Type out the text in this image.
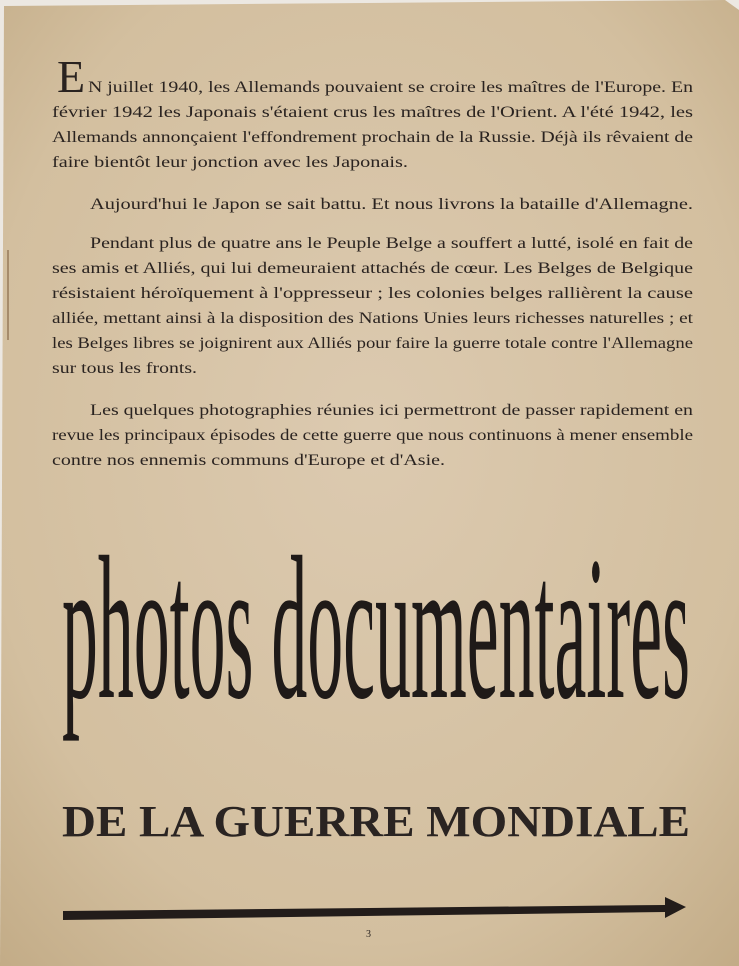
E N juillet 1940, les Allemands pouvaient se croire les maîtres de l'Europe. En
février 1942 les Japonais s'étaient crus les maîtres de l'Orient. A l'été 1942, les
Allemands annonçaient l'effondrement prochain de la Russie. Déjà ils rêvaient de
faire bientôt leur jonction avec les Japonais.
Aujourd'hui le Japon se sait battu. Et nous livrons la bataille d'Allemagne.
Pendant plus de quatre ans le Peuple Belge a souffert a lutté, isolé en fait de
ses amis et Alliés, qui lui demeuraient attachés de cœur. Les Belges de Belgique
résistaient héroïquement à l'oppresseur ; les colonies belges rallièrent la cause
alliée, mettant ainsi à la disposition des Nations Unies leurs richesses naturelles ; et
les Belges libres se joignirent aux Alliés pour faire la guerre totale contre l'Allemagne
sur tous les fronts.
Les quelques photographies réunies ici permettront de passer rapidement en
revue les principaux épisodes de cette guerre que nous continuons à mener ensemble
contre nos ennemis communs d'Europe et d'Asie.
photos documentaires
DE LA GUERRE MONDIALE
3
